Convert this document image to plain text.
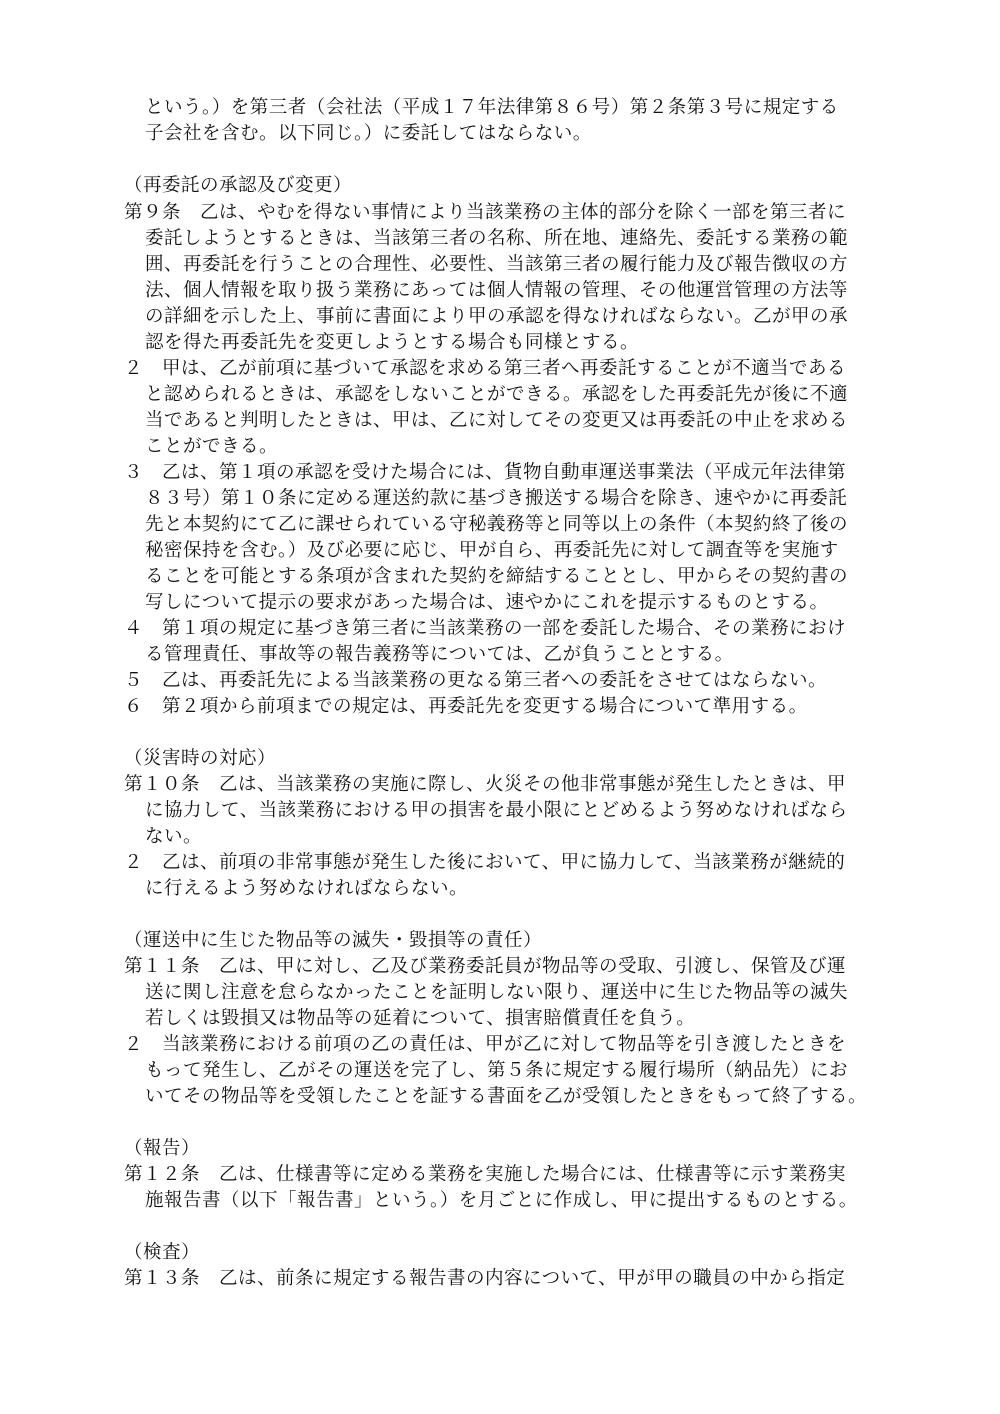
という。）を第三者（会社法（平成１７年法律第８６号）第２条第３号に規定する
子会社を含む。以下同じ。）に委託してはならない。
（再委託の承認及び変更）
第９条　乙は、やむを得ない事情により当該業務の主体的部分を除く一部を第三者に
委託しようとするときは、当該第三者の名称、所在地、連絡先、委託する業務の範
囲、再委託を行うことの合理性、必要性、当該第三者の履行能力及び報告徴収の方
法、個人情報を取り扱う業務にあっては個人情報の管理、その他運営管理の方法等
の詳細を示した上、事前に書面により甲の承認を得なければならない。乙が甲の承
認を得た再委託先を変更しようとする場合も同様とする。
２　甲は、乙が前項に基づいて承認を求める第三者へ再委託することが不適当である
と認められるときは、承認をしないことができる。承認をした再委託先が後に不適
当であると判明したときは、甲は、乙に対してその変更又は再委託の中止を求める
ことができる。
３　乙は、第１項の承認を受けた場合には、貨物自動車運送事業法（平成元年法律第
８３号）第１０条に定める運送約款に基づき搬送する場合を除き、速やかに再委託
先と本契約にて乙に課せられている守秘義務等と同等以上の条件（本契約終了後の
秘密保持を含む。）及び必要に応じ、甲が自ら、再委託先に対して調査等を実施す
ることを可能とする条項が含まれた契約を締結することとし、甲からその契約書の
写しについて提示の要求があった場合は、速やかにこれを提示するものとする。
４　第１項の規定に基づき第三者に当該業務の一部を委託した場合、その業務におけ
る管理責任、事故等の報告義務等については、乙が負うこととする。
５　乙は、再委託先による当該業務の更なる第三者への委託をさせてはならない。
６　第２項から前項までの規定は、再委託先を変更する場合について準用する。
（災害時の対応）
第１０条　乙は、当該業務の実施に際し、火災その他非常事態が発生したときは、甲
に協力して、当該業務における甲の損害を最小限にとどめるよう努めなければなら
ない。
２　乙は、前項の非常事態が発生した後において、甲に協力して、当該業務が継続的
に行えるよう努めなければならない。
（運送中に生じた物品等の滅失・毀損等の責任）
第１１条　乙は、甲に対し、乙及び業務委託員が物品等の受取、引渡し、保管及び運
送に関し注意を怠らなかったことを証明しない限り、運送中に生じた物品等の滅失
若しくは毀損又は物品等の延着について、損害賠償責任を負う。
２　当該業務における前項の乙の責任は、甲が乙に対して物品等を引き渡したときを
もって発生し、乙がその運送を完了し、第５条に規定する履行場所（納品先）にお
いてその物品等を受領したことを証する書面を乙が受領したときをもって終了する。
（報告）
第１２条　乙は、仕様書等に定める業務を実施した場合には、仕様書等に示す業務実
施報告書（以下「報告書」という。）を月ごとに作成し、甲に提出するものとする。
（検査）
第１３条　乙は、前条に規定する報告書の内容について、甲が甲の職員の中から指定
